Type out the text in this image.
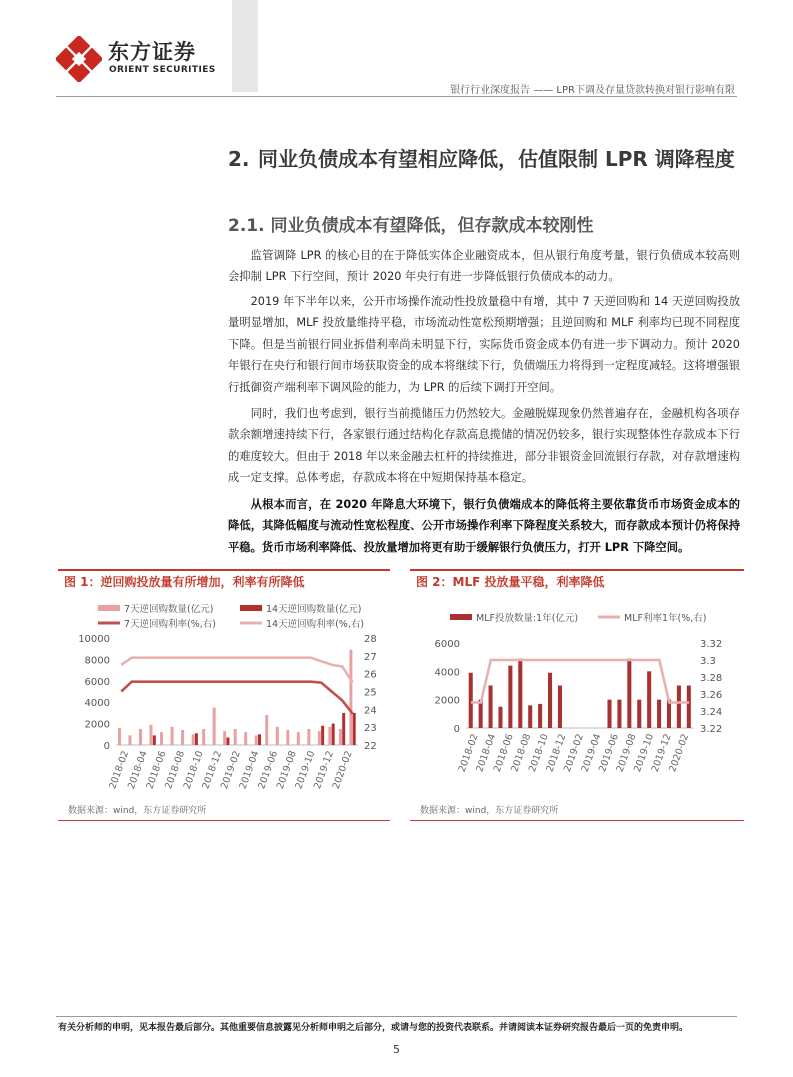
东方证券
ORIENT SECURITIES
银行行业深度报告 —— LPR下调及存量贷款转换对银行影响有限
2. 同业负债成本有望相应降低，估值限制 LPR 调降程度
2.1. 同业负债成本有望降低，但存款成本较刚性

监管调降 LPR 的核心目的在于降低实体企业融资成本，但从银行角度考量，银行负债成本较高则会抑制 LPR 下行空间，预计 2020 年央行有进一步降低银行负债成本的动力。

2019 年下半年以来，公开市场操作流动性投放量稳中有增，其中 7 天逆回购和 14 天逆回购投放量明显增加，MLF 投放量维持平稳，市场流动性宽松预期增强；且逆回购和 MLF 利率均已现不同程度下降。但是当前银行同业拆借利率尚未明显下行，实际货币资金成本仍有进一步下调动力。预计 2020 年银行在央行和银行间市场获取资金的成本将继续下行，负债端压力将得到一定程度减轻。这将增强银行抵御资产端利率下调风险的能力，为 LPR 的后续下调打开空间。

同时，我们也考虑到，银行当前揽储压力仍然较大。金融脱媒现象仍然普遍存在，金融机构各项存款余额增速持续下行，各家银行通过结构化存款高息揽储的情况仍较多，银行实现整体性存款成本下行的难度较大。但由于 2018 年以来金融去杠杆的持续推进，部分非银资金回流银行存款，对存款增速构成一定支撑。总体考虑，存款成本将在中短期保持基本稳定。

从根本而言，在 2020 年降息大环境下，银行负债端成本的降低将主要依靠货币市场资金成本的降低，其降低幅度与流动性宽松程度、公开市场操作利率下降程度关系较大，而存款成本预计仍将保持平稳。货币市场利率降低、投放量增加将更有助于缓解银行负债压力，打开 LPR 下降空间。

图 1：逆回购投放量有所增加，利率有所降低
7天逆回购数量(亿元)	14天逆回购数量(亿元)
7天逆回购利率(%,右)	14天逆回购利率(%,右)
0
2000
4000
6000
8000
10000
22
23
24
25
26
27
28
2018-02
2018-04
2018-06
2018-08
2018-10
2018-12
2019-02
2019-04
2019-06
2019-08
2019-10
2019-12
2020-02
数据来源：wind，东方证券研究所
图 2：MLF 投放量平稳，利率降低
MLF投放数量:1年(亿元)	MLF利率1年(%,右)
0
2000
4000
6000
3.22
3.24
3.26
3.28
3.3
3.32
2018-02
2018-04
2018-06
2018-08
2018-10
2018-12
2019-02
2019-04
2019-06
2019-08
2019-10
2019-12
2020-02
数据来源：wind，东方证券研究所
有关分析师的申明，见本报告最后部分。其他重要信息披露见分析师申明之后部分，或请与您的投资代表联系。并请阅读本证券研究报告最后一页的免责申明。
5
